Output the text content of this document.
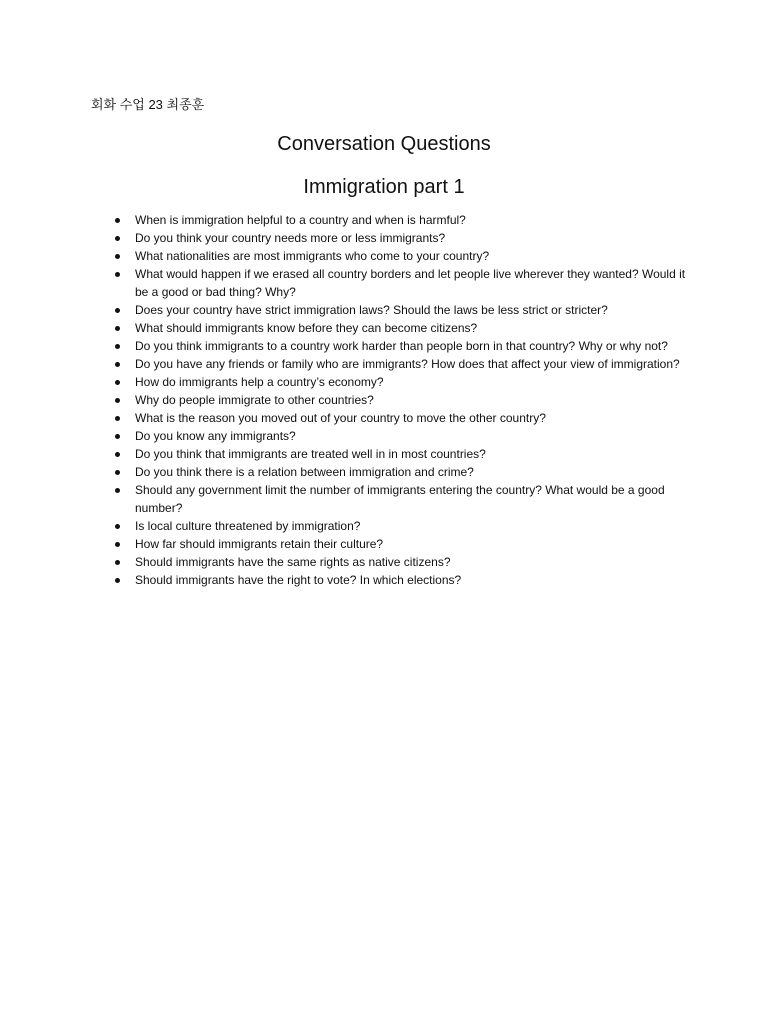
회화 수업 23 최종훈
Conversation Questions
Immigration part 1
When is immigration helpful to a country and when is harmful?
Do you think your country needs more or less immigrants?
What nationalities are most immigrants who come to your country?
What would happen if we erased all country borders and let people live wherever they wanted? Would it be a good or bad thing? Why?
Does your country have strict immigration laws? Should the laws be less strict or stricter?
What should immigrants know before they can become citizens?
Do you think immigrants to a country work harder than people born in that country? Why or why not?
Do you have any friends or family who are immigrants? How does that affect your view of immigration?
How do immigrants help a country’s economy?
Why do people immigrate to other countries?
What is the reason you moved out of your country to move the other country?
Do you know any immigrants?
Do you think that immigrants are treated well in in most countries?
Do you think there is a relation between immigration and crime?
Should any government limit the number of immigrants entering the country? What would be a good number?
Is local culture threatened by immigration?
How far should immigrants retain their culture?
Should immigrants have the same rights as native citizens?
Should immigrants have the right to vote? In which elections?
